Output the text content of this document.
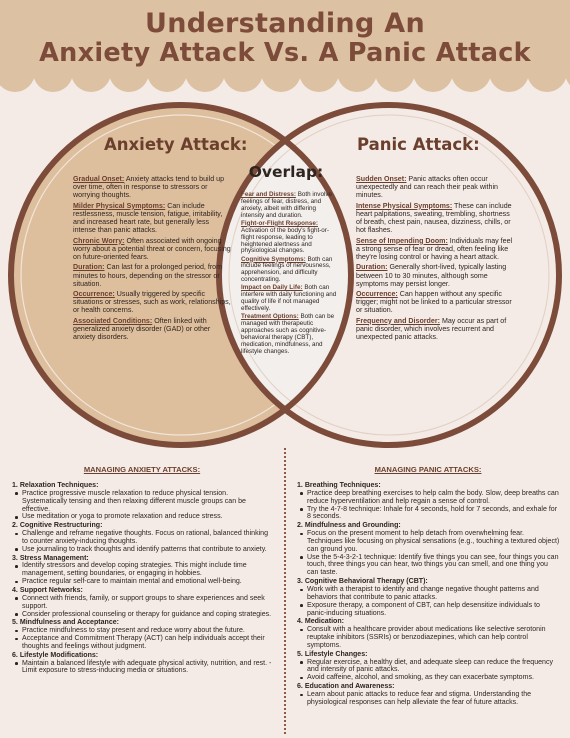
Understanding An
Anxiety Attack Vs. A Panic Attack
Anxiety Attack:	Panic Attack:
Gradual Onset: Anxiety attacks tend to build up over time, often in response to stressors or worrying thoughts.
Milder Physical Symptoms: Can include restlessness, muscle tension, fatigue, irritability, and increased heart rate, but generally less intense than panic attacks.
Chronic Worry: Often associated with ongoing worry about a potential threat or concern, focusing on future-oriented fears.
Duration: Can last for a prolonged period, from minutes to hours, depending on the stressor or situation.
Occurrence: Usually triggered by specific situations or stresses, such as work, relationships, or health concerns.
Associated Conditions: Often linked with generalized anxiety disorder (GAD) or other anxiety disorders.
Overlap:
Fear and Distress: Both involve feelings of fear, distress, and anxiety, albeit with differing intensity and duration.
Fight-or-Flight Response: Activation of the body's fight-or-flight response, leading to heightened alertness and physiological changes.
Cognitive Symptoms: Both can include feelings of nervousness, apprehension, and difficulty concentrating.
Impact on Daily Life: Both can interfere with daily functioning and quality of life if not managed effectively.
Treatment Options: Both can be managed with therapeutic approaches such as cognitive-behavioral therapy (CBT), medication, mindfulness, and lifestyle changes.
Sudden Onset: Panic attacks often occur unexpectedly and can reach their peak within minutes.
Intense Physical Symptoms: These can include heart palpitations, sweating, trembling, shortness of breath, chest pain, nausea, dizziness, chills, or hot flashes.
Sense of Impending Doom: Individuals may feel a strong sense of fear or dread, often feeling like they're losing control or having a heart attack.
Duration: Generally short-lived, typically lasting between 10 to 30 minutes, although some symptoms may persist longer.
Occurrence: Can happen without any specific trigger; might not be linked to a particular stressor or situation.
Frequency and Disorder: May occur as part of panic disorder, which involves recurrent and unexpected panic attacks.
MANAGING ANXIETY ATTACKS:	MANAGING PANIC ATTACKS:
1. Relaxation Techniques:
Practice progressive muscle relaxation to reduce physical tension. Systematically tensing and then relaxing different muscle groups can be effective.
Use meditation or yoga to promote relaxation and reduce stress.
2. Cognitive Restructuring:
Challenge and reframe negative thoughts. Focus on rational, balanced thinking to counter anxiety-inducing thoughts.
Use journaling to track thoughts and identify patterns that contribute to anxiety.
3. Stress Management:
Identify stressors and develop coping strategies. This might include time management, setting boundaries, or engaging in hobbies.
Practice regular self-care to maintain mental and emotional well-being.
4. Support Networks:
Connect with friends, family, or support groups to share experiences and seek support.
Consider professional counseling or therapy for guidance and coping strategies.
5. Mindfulness and Acceptance:
Practice mindfulness to stay present and reduce worry about the future.
Acceptance and Commitment Therapy (ACT) can help individuals accept their thoughts and feelings without judgment.
6. Lifestyle Modifications:
Maintain a balanced lifestyle with adequate physical activity, nutrition, and rest. - Limit exposure to stress-inducing media or situations.
1. Breathing Techniques:
Practice deep breathing exercises to help calm the body. Slow, deep breaths can reduce hyperventilation and help regain a sense of control.
Try the 4-7-8 technique: Inhale for 4 seconds, hold for 7 seconds, and exhale for 8 seconds.
2. Mindfulness and Grounding:
Focus on the present moment to help detach from overwhelming fear. Techniques like focusing on physical sensations (e.g., touching a textured object) can ground you.
Use the 5-4-3-2-1 technique: Identify five things you can see, four things you can touch, three things you can hear, two things you can smell, and one thing you can taste.
3. Cognitive Behavioral Therapy (CBT):
Work with a therapist to identify and change negative thought patterns and behaviors that contribute to panic attacks.
Exposure therapy, a component of CBT, can help desensitize individuals to panic-inducing situations.
4. Medication:
Consult with a healthcare provider about medications like selective serotonin reuptake inhibitors (SSRIs) or benzodiazepines, which can help control symptoms.
5. Lifestyle Changes:
Regular exercise, a healthy diet, and adequate sleep can reduce the frequency and intensity of panic attacks.
Avoid caffeine, alcohol, and smoking, as they can exacerbate symptoms.
6. Education and Awareness:
Learn about panic attacks to reduce fear and stigma. Understanding the physiological responses can help alleviate the fear of future attacks.
